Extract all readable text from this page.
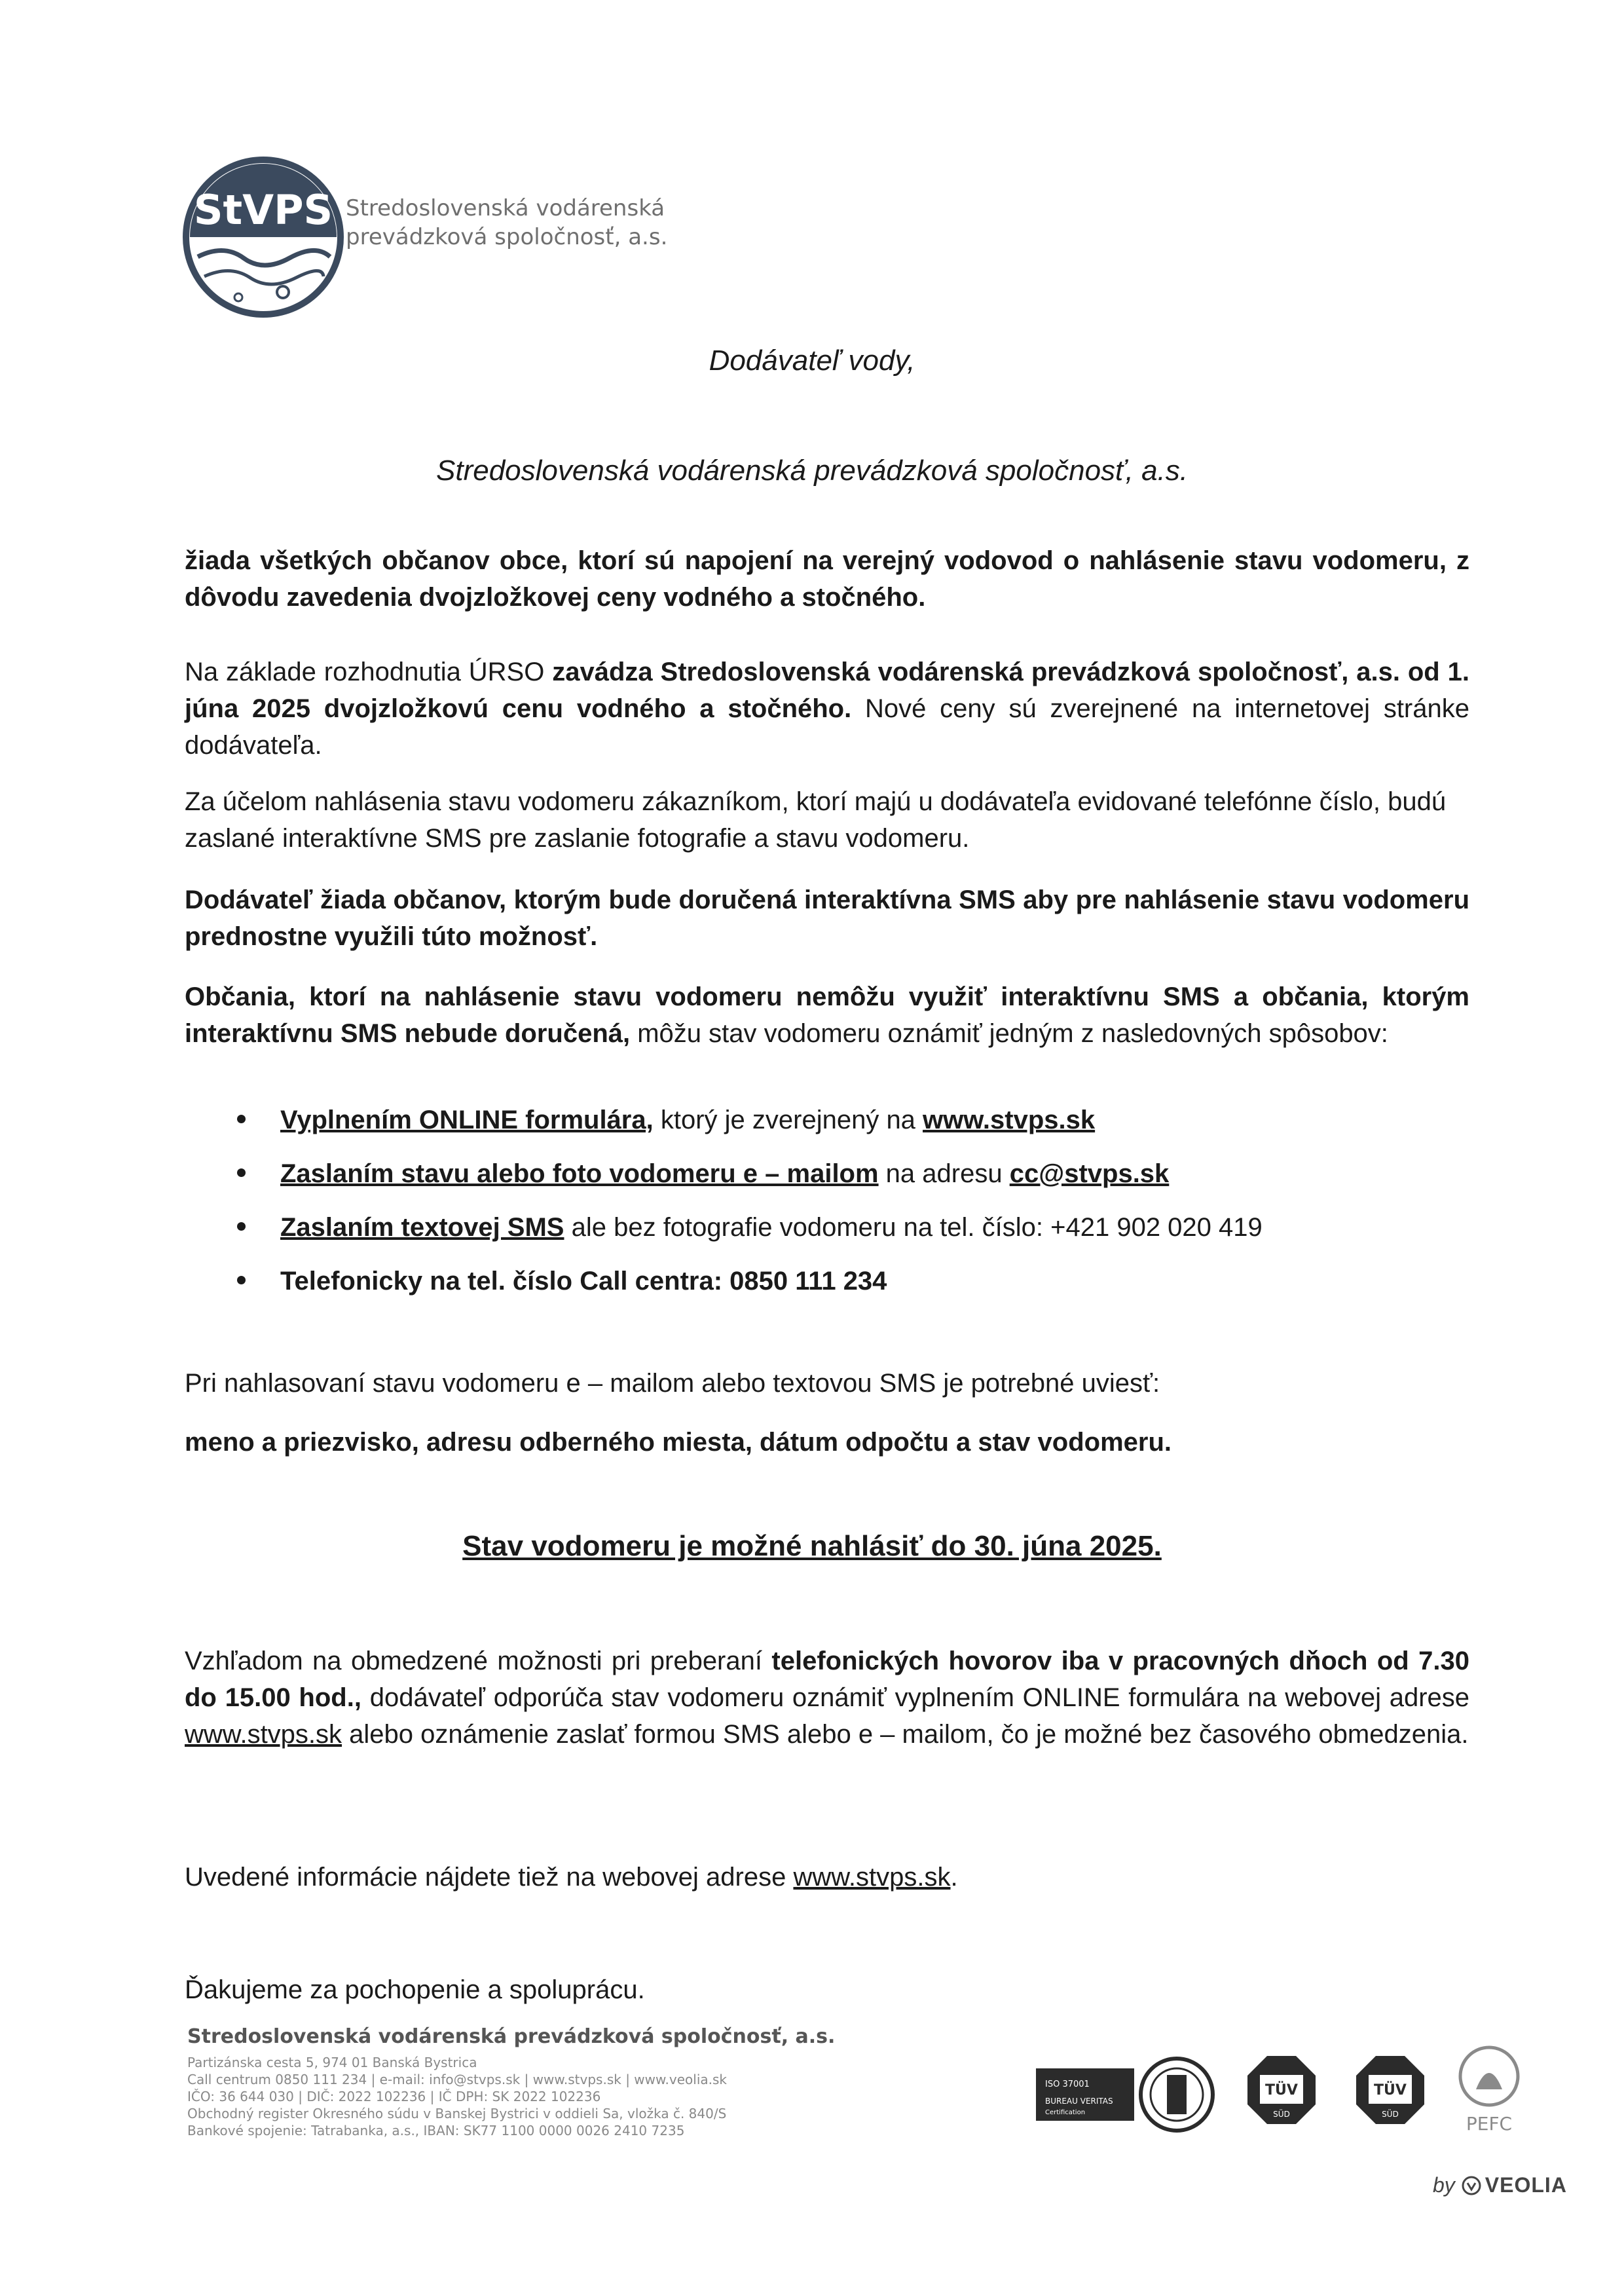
StVPS Stredoslovenská vodárenská
prevádzková spoločnosť, a.s.
Dodávateľ vody,
Stredoslovenská vodárenská prevádzková spoločnosť, a.s.
žiada všetkých občanov obce, ktorí sú napojení na verejný vodovod o nahlásenie stavu vodomeru, z dôvodu zavedenia dvojzložkovej ceny vodného a stočného.
Na základe rozhodnutia ÚRSO zavádza Stredoslovenská vodárenská prevádzková spoločnosť, a.s. od 1. júna 2025 dvojzložkovú cenu vodného a stočného. Nové ceny sú zverejnené na internetovej stránke dodávateľa.
Za účelom nahlásenia stavu vodomeru zákazníkom, ktorí majú u dodávateľa evidované telefónne číslo, budú zaslané interaktívne SMS pre zaslanie fotografie a stavu vodomeru.
Dodávateľ žiada občanov, ktorým bude doručená interaktívna SMS aby pre nahlásenie stavu vodomeru prednostne využili túto možnosť.
Občania, ktorí na nahlásenie stavu vodomeru nemôžu využiť interaktívnu SMS a občania, ktorým interaktívnu SMS nebude doručená, môžu stav vodomeru oznámiť jedným z nasledovných spôsobov:
Vyplnením ONLINE formulára, ktorý je zverejnený na www.stvps.sk
Zaslaním stavu alebo foto vodomeru e – mailom na adresu cc@stvps.sk
Zaslaním textovej SMS ale bez fotografie vodomeru na tel. číslo: +421 902 020 419
Telefonicky na tel. číslo Call centra: 0850 111 234
Pri nahlasovaní stavu vodomeru e – mailom alebo textovou SMS je potrebné uviesť:
meno a priezvisko, adresu odberného miesta, dátum odpočtu a stav vodomeru.
Stav vodomeru je možné nahlásiť do 30. júna 2025.
Vzhľadom na obmedzené možnosti pri preberaní telefonických hovorov iba v pracovných dňoch od 7.30 do 15.00 hod., dodávateľ odporúča stav vodomeru oznámiť vyplnením ONLINE formulára na webovej adrese www.stvps.sk alebo oznámenie zaslať formou SMS alebo e – mailom, čo je možné bez časového obmedzenia.
Uvedené informácie nájdete tiež na webovej adrese www.stvps.sk.
Ďakujeme za pochopenie a spoluprácu.
Stredoslovenská vodárenská prevádzková spoločnosť, a.s.
Partizánska cesta 5, 974 01 Banská Bystrica
Call centrum 0850 111 234 | e-mail: info@stvps.sk | www.stvps.sk | www.veolia.sk
IČO: 36 644 030 | DIČ: 2022 102236 | IČ DPH: SK 2022 102236
Obchodný register Okresného súdu v Banskej Bystrici v oddieli Sa, vložka č. 840/S
Bankové spojenie: Tatrabanka, a.s., IBAN: SK77 1100 0000 0026 2410 7235
ISO 37001
BUREAU VERITAS
Certification
TÜV
SÜD
TÜV
SÜD	PEFC
by VEOLIA
